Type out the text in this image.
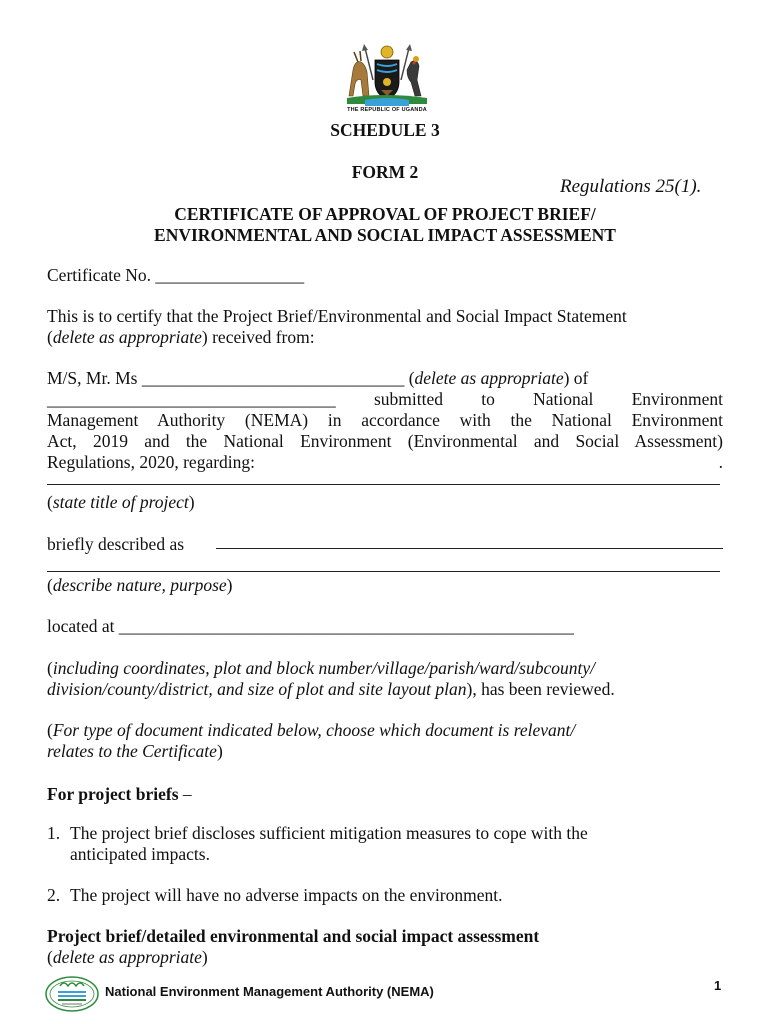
THE REPUBLIC OF UGANDA
SCHEDULE 3
FORM 2
Regulations 25(1).
CERTIFICATE OF APPROVAL OF PROJECT BRIEF/
ENVIRONMENTAL AND SOCIAL IMPACT ASSESSMENT
Certificate No. _________________
This is to certify that the Project Brief/Environmental and Social Impact Statement
(delete as appropriate) received from:
M/S, Mr. Ms ______________________________ (delete as appropriate) of
_________________________________ submitted to National Environment
Management Authority (NEMA) in accordance with the National Environment
Act, 2019 and the National Environment (Environmental and Social Assessment)
Regulations, 2020, regarding:	.
(state title of project)
briefly described as
(describe nature, purpose)
located at ____________________________________________________
(including coordinates, plot and block number/village/parish/ward/subcounty/
division/county/district, and size of plot and site layout plan), has been reviewed.
(For type of document indicated below, choose which document is relevant/
relates to the Certificate)
For project briefs –
1. The project brief discloses sufficient mitigation measures to cope with the
anticipated impacts.
2. The project will have no adverse impacts on the environment.
Project brief/detailed environmental and social impact assessment
(delete as appropriate)
National Environment Management Authority (NEMA)	1
